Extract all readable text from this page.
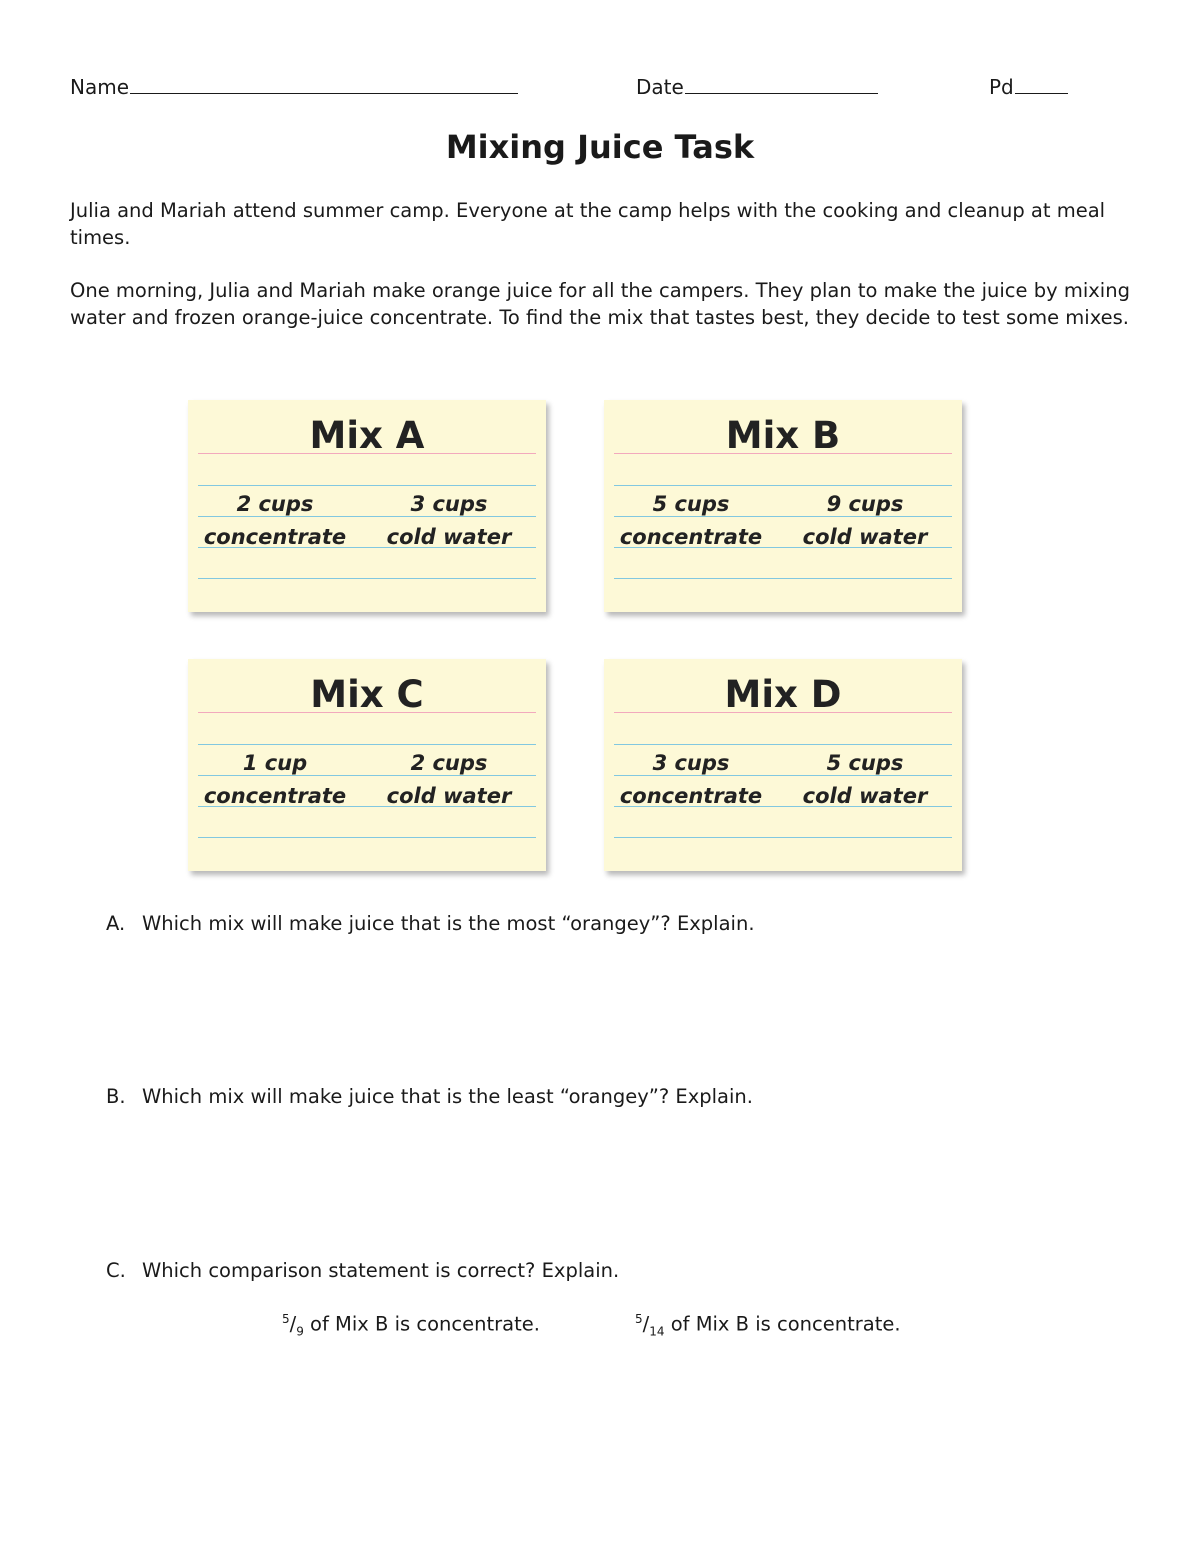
Name	Date	Pd
Mixing Juice Task
Julia and Mariah attend summer camp. Everyone at the camp helps with the cooking and cleanup at meal times.
One morning, Julia and Mariah make orange juice for all the campers. They plan to make the juice by mixing water and frozen orange-juice concentrate. To find the mix that tastes best, they decide to test some mixes.
Mix A
2 cups
concentrate
3 cups
cold water
Mix B
5 cups
concentrate
9 cups
cold water
Mix C
1 cup
concentrate
2 cups
cold water
Mix D
3 cups
concentrate
5 cups
cold water
A. Which mix will make juice that is the most “orangey”? Explain.
B. Which mix will make juice that is the least “orangey”? Explain.
C. Which comparison statement is correct? Explain.
$^5/_9$ of Mix B is concentrate.	$^5/_{14}$ of Mix B is concentrate.
